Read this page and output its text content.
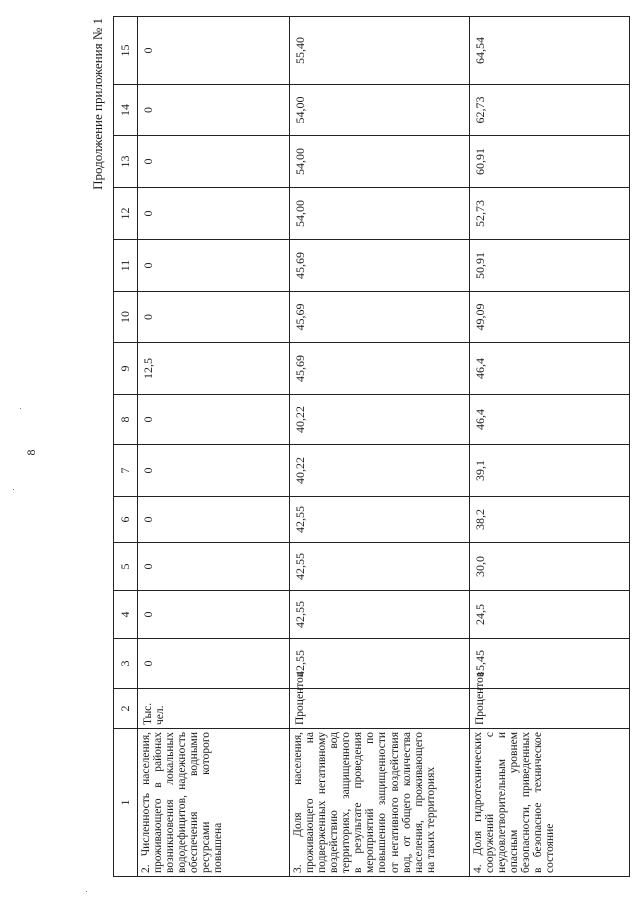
8
Продолжение приложения № 1
1	2	3	4	5	6	7	8	9	10	11	12	13	14	15
2. Численность населения, проживающего в районах возникновения локальных вододефицитов, надежность обеспечения водными ресурсами которого повышена	Тыс. чел.	0	0	0	0	0	0	12,5	0	0	0	0	0	0
3. Доля населения, проживающего на подверженных негативному воздействию вод территориях, защищенного в результате проведения мероприятий по повышению защищенности от негативного воздействия вод, от общего количества населения, проживающего на таких территориях	Процентов	42,55	42,55	42,55	42,55	40,22	40,22	45,69	45,69	45,69	54,00	54,00	54,00	55,40
4. Доля гидротехнических сооружений с неудовлетворительным и опасным уровнем безопасности, приведенных в безопасное техническое состояние	Процентов	15,45	24,5	30,0	38,2	39,1	46,4	46,4	49,09	50,91	52,73	60,91	62,73	64,54
